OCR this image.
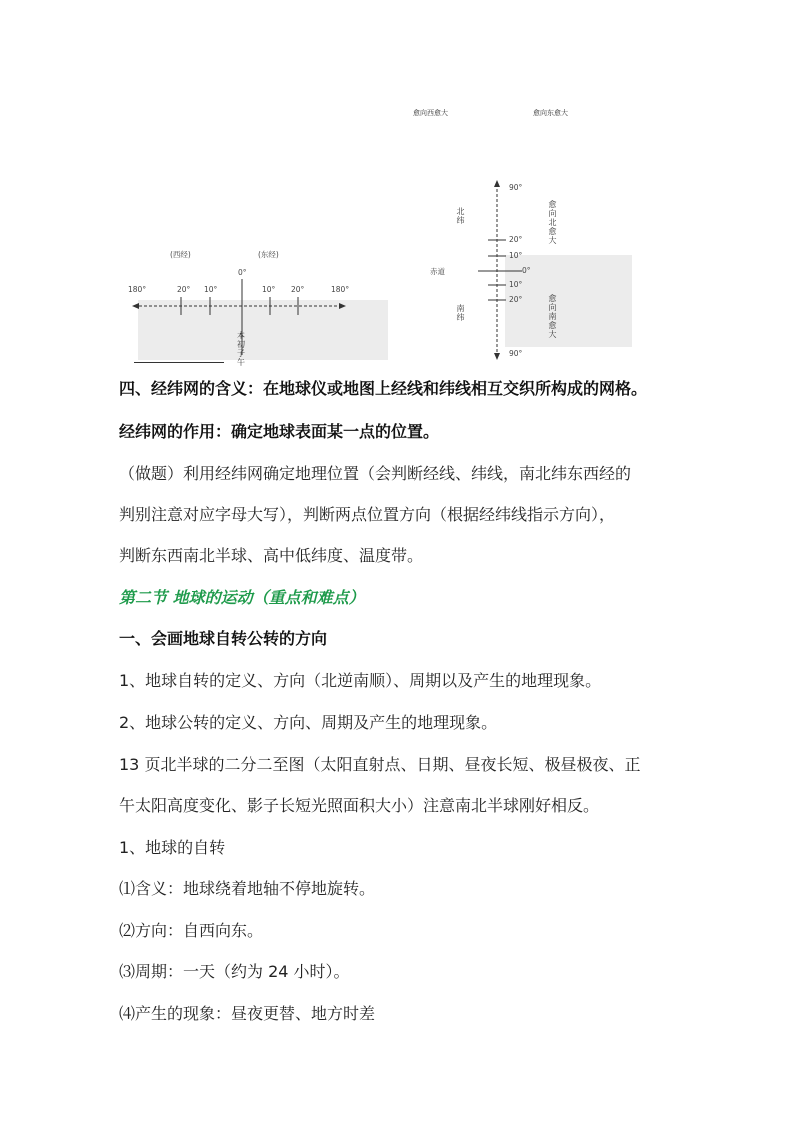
愈向西愈大	愈向东愈大
(西经)	(东经)
0°
180°	20° 10°	10° 20°	180°
本初子午
90°
20°
10°
0°
10°
20°
90°
赤道
北纬
南纬
愈向北愈大
愈向南愈大
四、经纬网的含义：在地球仪或地图上经线和纬线相互交织所构成的网格。
经纬网的作用：确定地球表面某一点的位置。
（做题）利用经纬网确定地理位置（会判断经线、纬线，南北纬东西经的
判别注意对应字母大写），判断两点位置方向（根据经纬线指示方向），
判断东西南北半球、高中低纬度、温度带。
第二节 地球的运动（重点和难点）
一、会画地球自转公转的方向
1、地球自转的定义、方向（北逆南顺）、周期以及产生的地理现象。
2、地球公转的定义、方向、周期及产生的地理现象。
13 页北半球的二分二至图（太阳直射点、日期、昼夜长短、极昼极夜、正
午太阳高度变化、影子长短光照面积大小）注意南北半球刚好相反。
1、地球的自转
⑴含义：地球绕着地轴不停地旋转。
⑵方向：自西向东。
⑶周期：一天（约为 24 小时）。
⑷产生的现象：昼夜更替、地方时差
